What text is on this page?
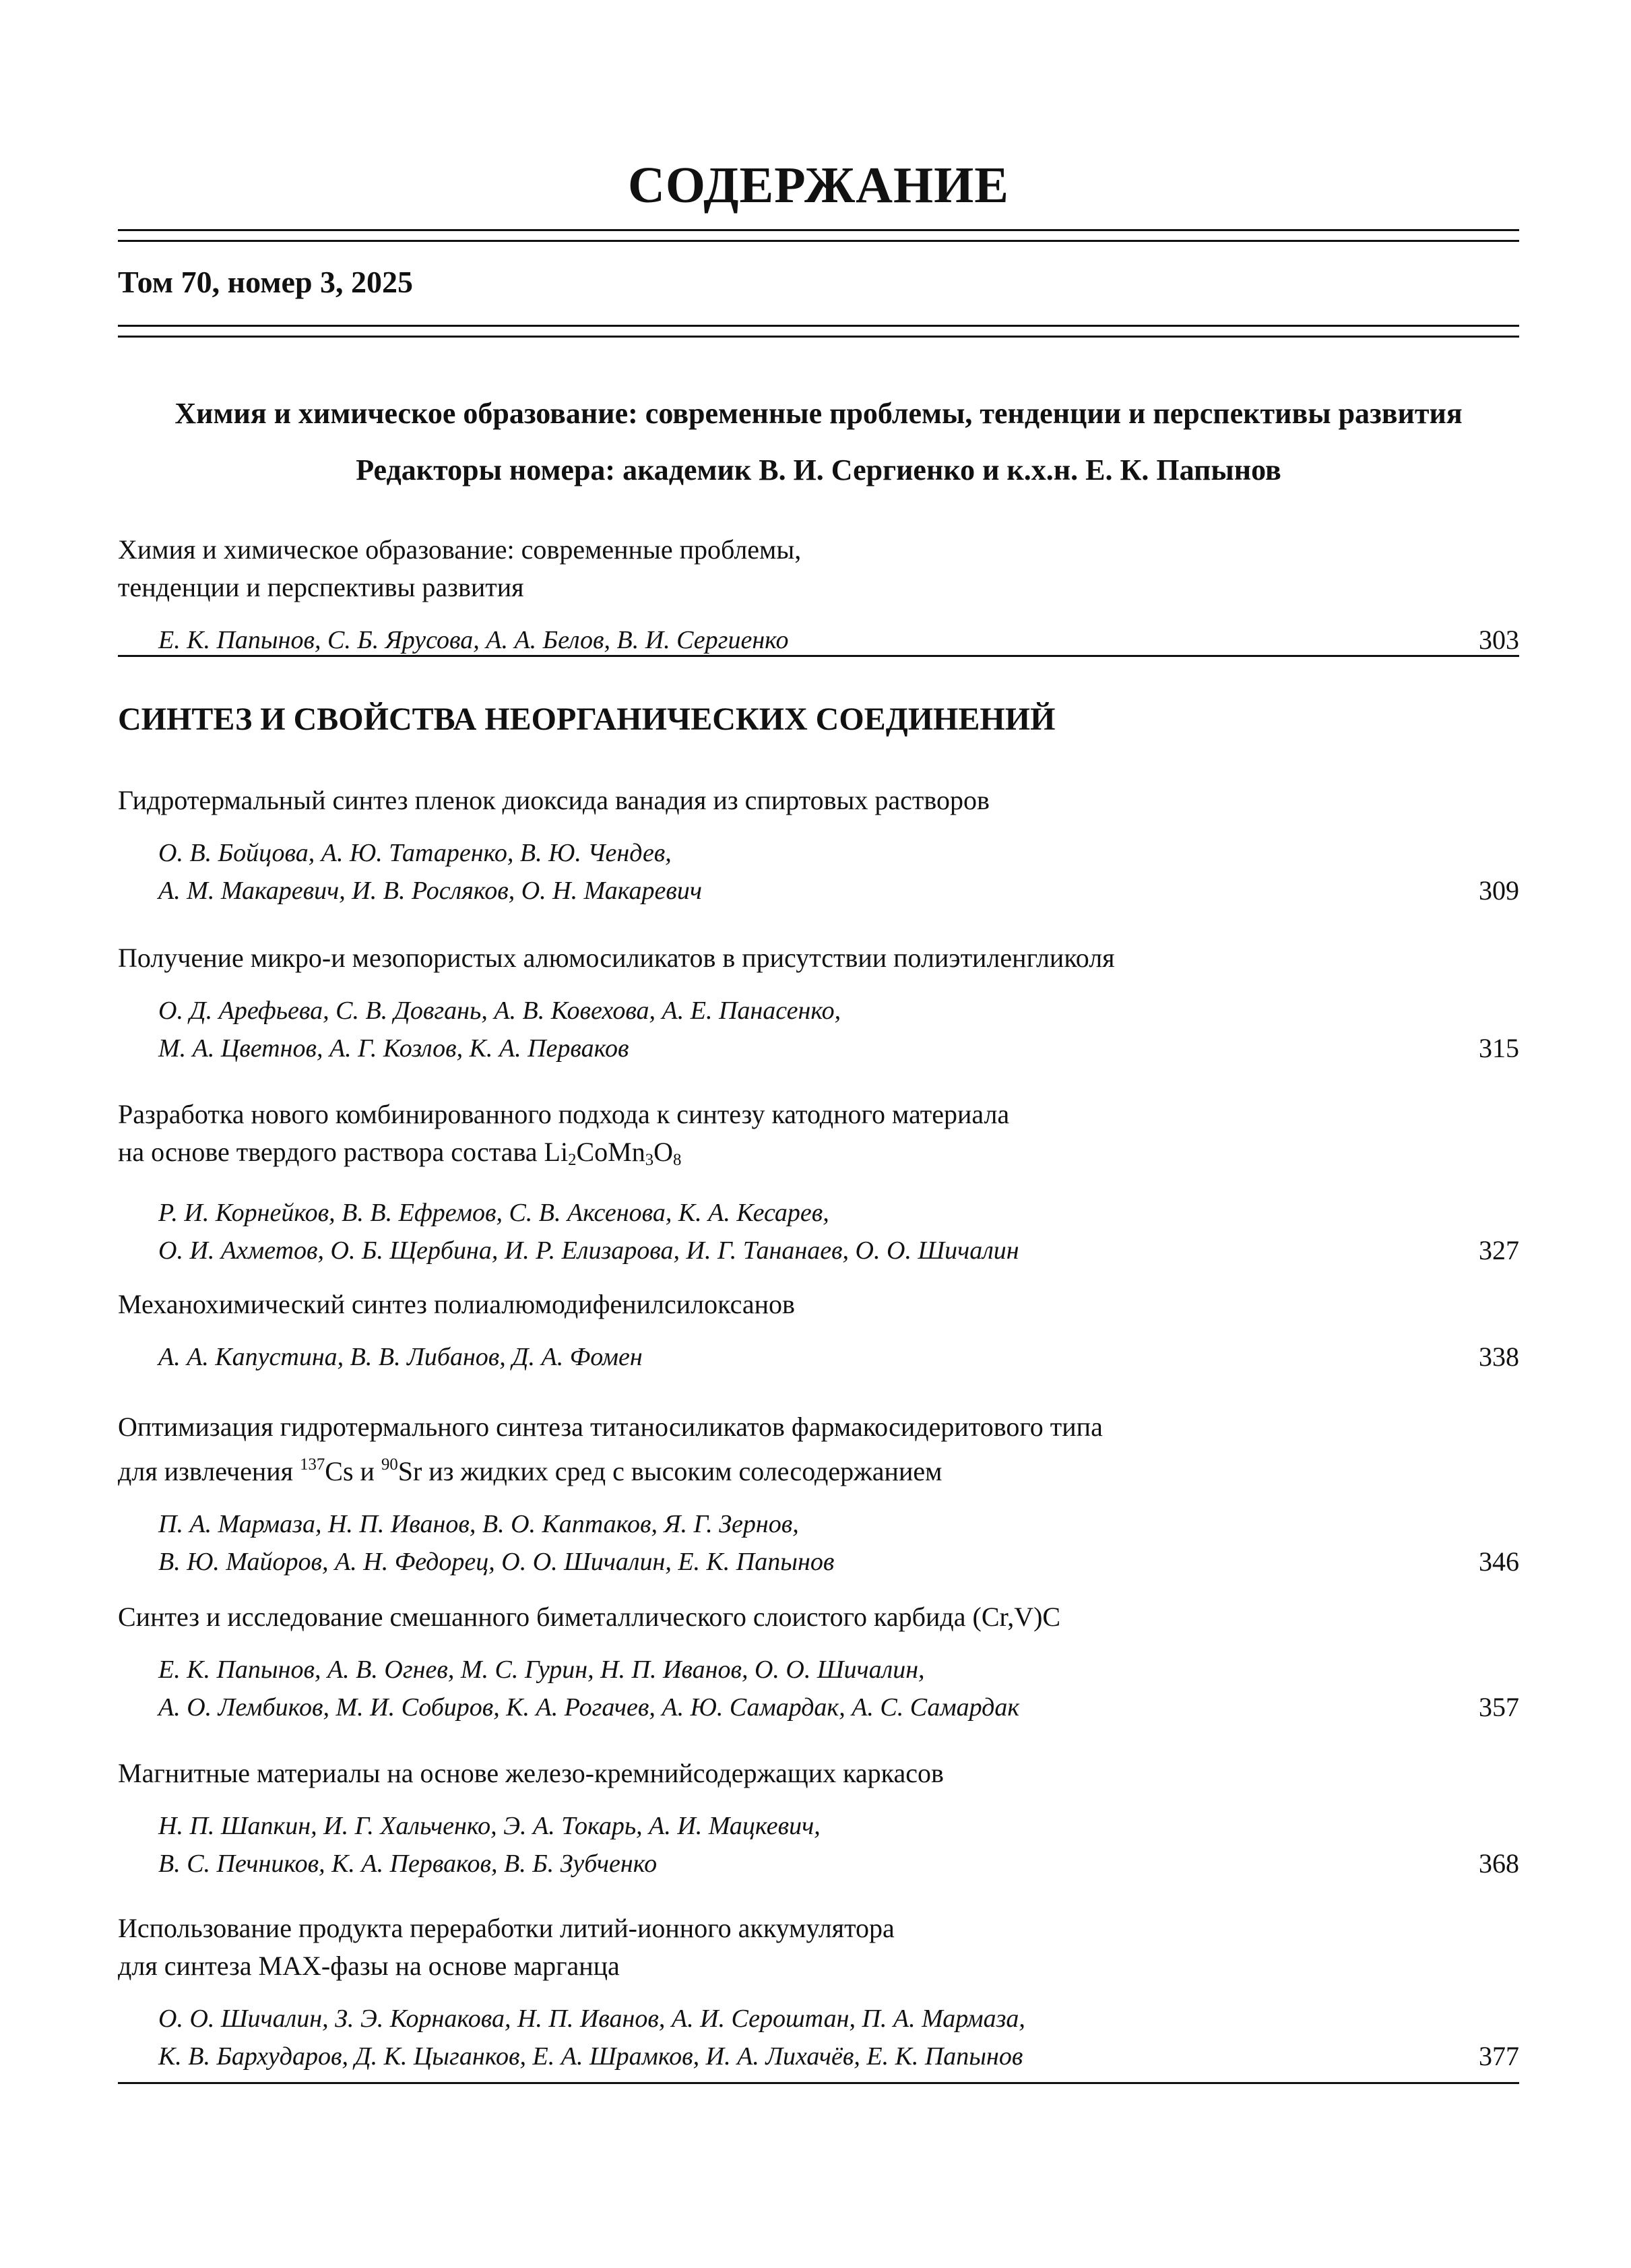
СОДЕРЖАНИЕ

Том 70, номер 3, 2025

Химия и химическое образование: современные проблемы, тенденции и перспективы развития

Редакторы номера: академик В. И. Сергиенко и к.х.н. Е. К. Папынов

Химия и химическое образование: современные проблемы,
тенденции и перспективы развития

Е. К. Папынов, С. Б. Ярусова, А. А. Белов, В. И. Сергиенко	303
СИНТЕЗ И СВОЙСТВА НЕОРГАНИЧЕСКИХ СОЕДИНЕНИЙ

Гидротермальный синтез пленок диоксида ванадия из спиртовых растворов

О. В. Бойцова, А. Ю. Татаренко, В. Ю. Чендев,
А. М. Макаревич, И. В. Росляков, О. Н. Макаревич	309

Получение микро-и мезопористых алюмосиликатов в присутствии полиэтиленгликоля

О. Д. Арефьева, С. В. Довгань, А. В. Ковехова, А. Е. Панасенко,
М. А. Цветнов, А. Г. Козлов, К. А. Перваков	315

Разработка нового комбинированного подхода к синтезу катодного материала
на основе твердого раствора состава $Li_2CoMn_3O_8$

Р. И. Корнейков, В. В. Ефремов, С. В. Аксенова, К. А. Кесарев,
О. И. Ахметов, О. Б. Щербина, И. Р. Елизарова, И. Г. Тананаев, О. О. Шичалин	327

Механохимический синтез полиалюмодифенилсилоксанов

А. А. Капустина, В. В. Либанов, Д. А. Фомен	338

Оптимизация гидротермального синтеза титаносиликатов фармакосидеритового типа
для извлечения $^{137}$Cs и $^{90}$Sr из жидких сред с высоким солесодержанием

П. А. Мармаза, Н. П. Иванов, В. О. Каптаков, Я. Г. Зернов,
В. Ю. Майоров, А. Н. Федорец, О. О. Шичалин, Е. К. Папынов	346

Синтез и исследование смешанного биметаллического слоистого карбида (Cr,V)C

Е. К. Папынов, А. В. Огнев, М. С. Гурин, Н. П. Иванов, О. О. Шичалин,
А. О. Лембиков, М. И. Собиров, К. А. Рогачев, А. Ю. Самардак, А. С. Самардак	357

Магнитные материалы на основе железо-кремнийсодержащих каркасов

Н. П. Шапкин, И. Г. Хальченко, Э. А. Токарь, А. И. Мацкевич,
В. С. Печников, К. А. Перваков, В. Б. Зубченко	368

Использование продукта переработки литий-ионного аккумулятора
для синтеза MAX-фазы на основе марганца

О. О. Шичалин, З. Э. Корнакова, Н. П. Иванов, А. И. Сероштан, П. А. Мармаза,
К. В. Бархударов, Д. К. Цыганков, Е. А. Шрамков, И. А. Лихачёв, Е. К. Папынов	377
